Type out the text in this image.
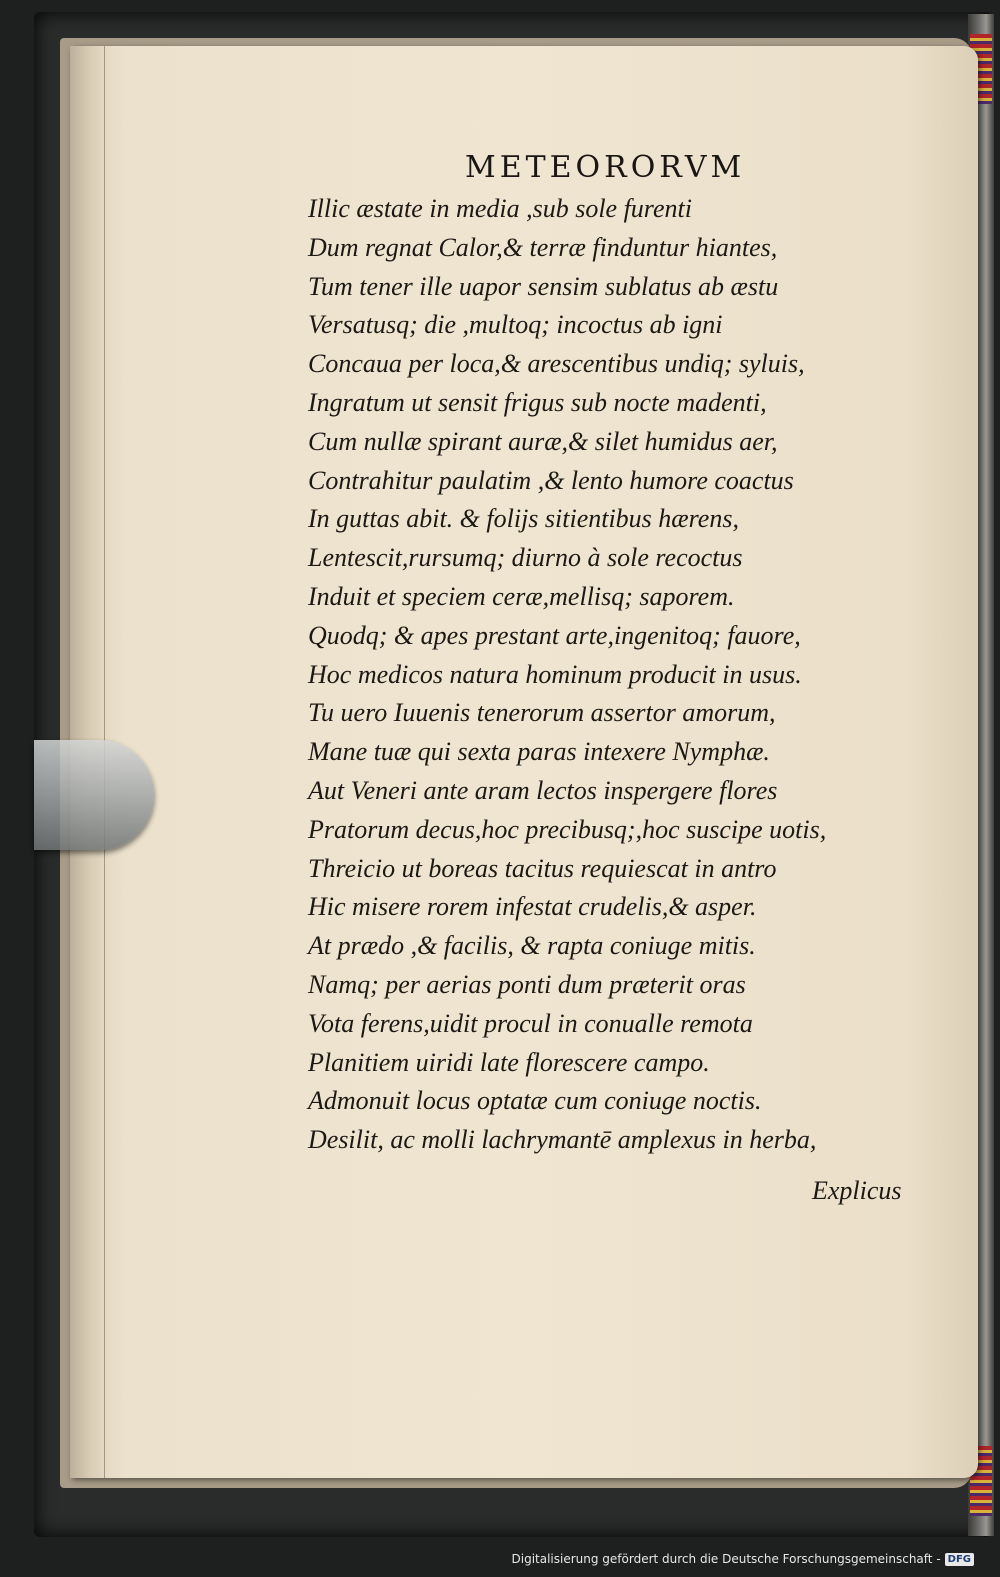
METEORORVM
Illic æstate in media ,sub sole furenti
Dum regnat Calor,& terræ finduntur hiantes,
Tum tener ille uapor sensim sublatus ab æstu
Versatusq; die ,multoq; incoctus ab igni
Concaua per loca,& arescentibus undiq; syluis,
Ingratum ut sensit frigus sub nocte madenti,
Cum nullæ spirant auræ,& silet humidus aer,
Contrahitur paulatim ,& lento humore coactus
In guttas abit. & folijs sitientibus hærens,
Lentescit,rursumq; diurno à sole recoctus
Induit et speciem ceræ,mellisq; saporem.
Quodq; & apes prestant arte,ingenitoq; fauore,
Hoc medicos natura hominum producit in usus.
Tu uero Iuuenis tenerorum assertor amorum,
Mane tuæ qui sexta paras intexere Nymphæ.
Aut Veneri ante aram lectos inspergere flores
Pratorum decus,hoc precibusq;,hoc suscipe uotis,
Threicio ut boreas tacitus requiescat in antro
Hic misere rorem infestat crudelis,& asper.
At prædo ,& facilis, & rapta coniuge mitis.
Namq; per aerias ponti dum præterit oras
Vota ferens,uidit procul in conualle remota
Planitiem uiridi late florescere campo.
Admonuit locus optatæ cum coniuge noctis.
Desilit, ac molli lachrymantē amplexus in herba,
Explicus
Digitalisierung gefördert durch die Deutsche Forschungsgemeinschaft - DFG
